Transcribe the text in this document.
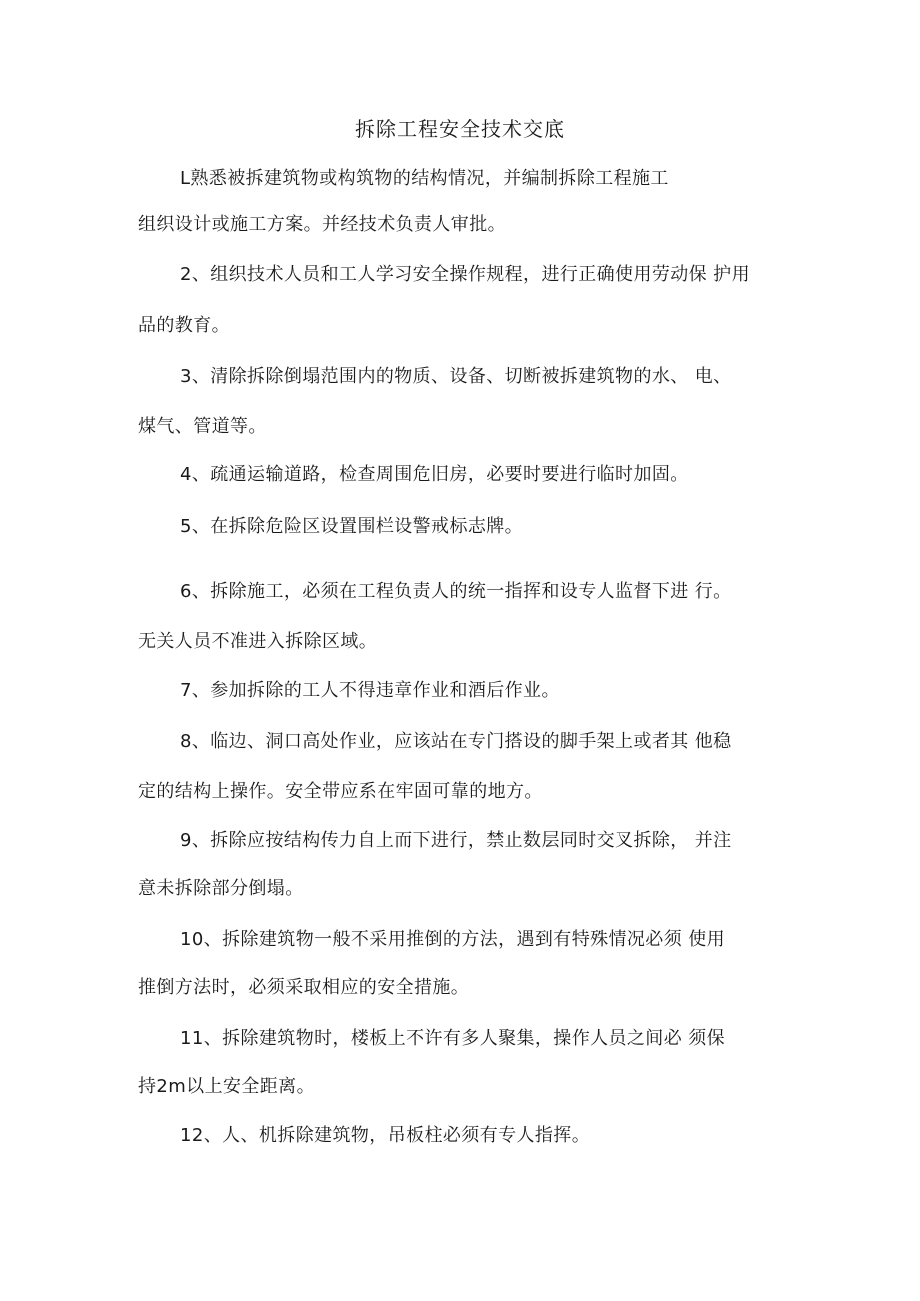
拆除工程安全技术交底
L熟悉被拆建筑物或构筑物的结构情况，并编制拆除工程施工
组织设计或施工方案。并经技术负责人审批。
2、组织技术人员和工人学习安全操作规程，进行正确使用劳动保 护用
品的教育。
3、清除拆除倒塌范围内的物质、设备、切断被拆建筑物的水、 电、
煤气、管道等。
4、疏通运输道路，检查周围危旧房，必要时要进行临时加固。
5、在拆除危险区设置围栏设警戒标志牌。
6、拆除施工，必须在工程负责人的统一指挥和设专人监督下进 行。
无关人员不准进入拆除区域。
7、参加拆除的工人不得违章作业和酒后作业。
8、临边、洞口高处作业，应该站在专门搭设的脚手架上或者其 他稳
定的结构上操作。安全带应系在牢固可靠的地方。
9、拆除应按结构传力自上而下进行，禁止数层同时交叉拆除， 并注
意未拆除部分倒塌。
10、拆除建筑物一般不采用推倒的方法，遇到有特殊情况必须 使用
推倒方法时，必须采取相应的安全措施。
11、拆除建筑物时，楼板上不许有多人聚集，操作人员之间必 须保
持2m以上安全距离。
12、人、机拆除建筑物，吊板柱必须有专人指挥。
